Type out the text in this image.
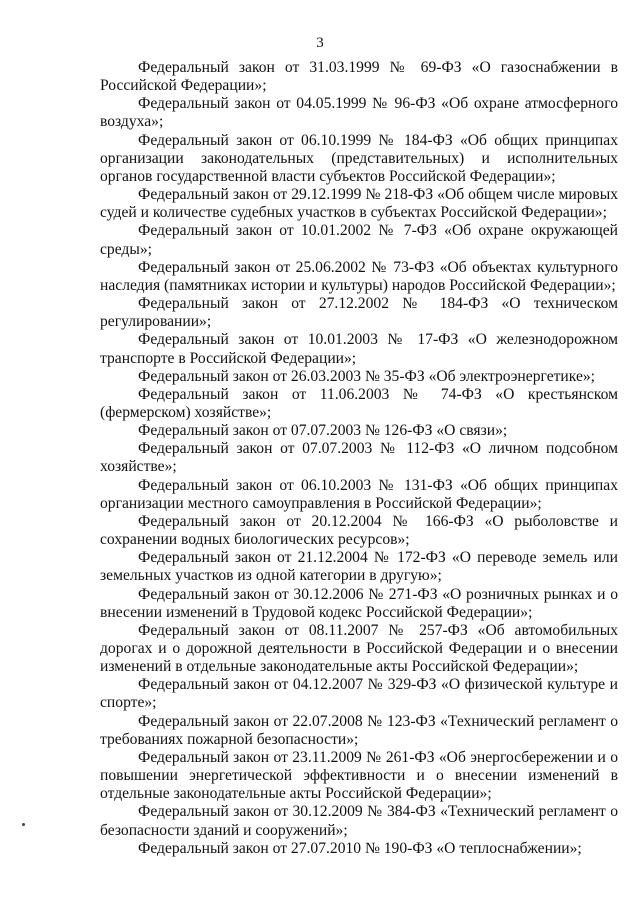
3
Федеральный закон от 31.03.1999 № 69-ФЗ «О газоснабжении в Российской Федерации»;
Федеральный закон от 04.05.1999 № 96-ФЗ «Об охране атмосферного воздуха»;
Федеральный закон от 06.10.1999 № 184-ФЗ «Об общих принципах организации законодательных (представительных) и исполнительных органов государственной власти субъектов Российской Федерации»;
Федеральный закон от 29.12.1999 № 218-ФЗ «Об общем числе мировых судей и количестве судебных участков в субъектах Российской Федерации»;
Федеральный закон от 10.01.2002 № 7-ФЗ «Об охране окружающей среды»;
Федеральный закон от 25.06.2002 № 73-ФЗ «Об объектах культурного наследия (памятниках истории и культуры) народов Российской Федерации»;
Федеральный закон от 27.12.2002 № 184-ФЗ «О техническом регулировании»;
Федеральный закон от 10.01.2003 № 17-ФЗ «О железнодорожном транспорте в Российской Федерации»;
Федеральный закон от 26.03.2003 № 35-ФЗ «Об электроэнергетике»;
Федеральный закон от 11.06.2003 № 74-ФЗ «О крестьянском (фермерском) хозяйстве»;
Федеральный закон от 07.07.2003 № 126-ФЗ «О связи»;
Федеральный закон от 07.07.2003 № 112-ФЗ «О личном подсобном хозяйстве»;
Федеральный закон от 06.10.2003 № 131-ФЗ «Об общих принципах организации местного самоуправления в Российской Федерации»;
Федеральный закон от 20.12.2004 № 166-ФЗ «О рыболовстве и сохранении водных биологических ресурсов»;
Федеральный закон от 21.12.2004 № 172-ФЗ «О переводе земель или земельных участков из одной категории в другую»;
Федеральный закон от 30.12.2006 № 271-ФЗ «О розничных рынках и о внесении изменений в Трудовой кодекс Российской Федерации»;
Федеральный закон от 08.11.2007 № 257-ФЗ «Об автомобильных дорогах и о дорожной деятельности в Российской Федерации и о внесении изменений в отдельные законодательные акты Российской Федерации»;
Федеральный закон от 04.12.2007 № 329-ФЗ «О физической культуре и спорте»;
Федеральный закон от 22.07.2008 № 123-ФЗ «Технический регламент о требованиях пожарной безопасности»;
Федеральный закон от 23.11.2009 № 261-ФЗ «Об энергосбережении и о повышении энергетической эффективности и о внесении изменений в отдельные законодательные акты Российской Федерации»;
Федеральный закон от 30.12.2009 № 384-ФЗ «Технический регламент о безопасности зданий и сооружений»;
Федеральный закон от 27.07.2010 № 190-ФЗ «О теплоснабжении»;
